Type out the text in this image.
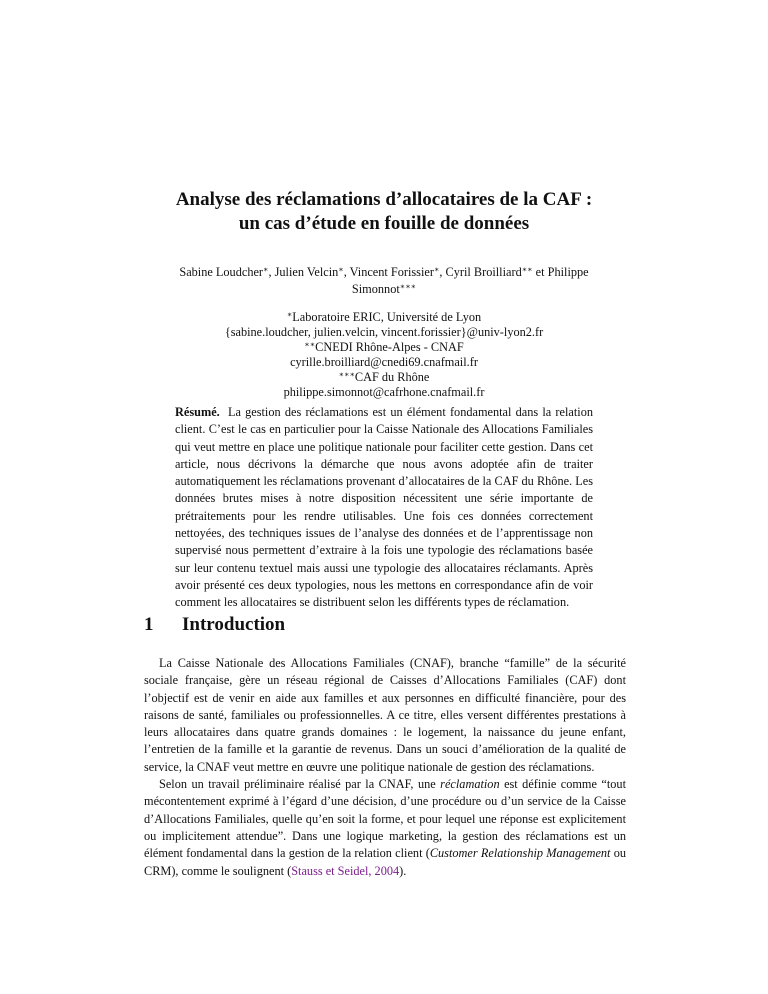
Analyse des réclamations d’allocataires de la CAF :
un cas d’étude en fouille de données
Sabine Loudcher∗, Julien Velcin∗, Vincent Forissier∗, Cyril Broilliard∗∗ et Philippe Simonnot∗∗∗
∗Laboratoire ERIC, Université de Lyon
{sabine.loudcher, julien.velcin, vincent.forissier}@univ-lyon2.fr
∗∗CNEDI Rhône-Alpes - CNAF
cyrille.broilliard@cnedi69.cnafmail.fr
∗∗∗CAF du Rhône
philippe.simonnot@cafrhone.cnafmail.fr
Résumé. La gestion des réclamations est un élément fondamental dans la relation client. C’est le cas en particulier pour la Caisse Nationale des Allocations Familiales qui veut mettre en place une politique nationale pour faciliter cette gestion. Dans cet article, nous décrivons la démarche que nous avons adoptée afin de traiter automatiquement les réclamations provenant d’allocataires de la CAF du Rhône. Les données brutes mises à notre disposition nécessitent une série importante de prétraitements pour les rendre utilisables. Une fois ces données correctement nettoyées, des techniques issues de l’analyse des données et de l’apprentissage non supervisé nous permettent d’extraire à la fois une typologie des réclamations basée sur leur contenu textuel mais aussi une typologie des allocataires réclamants. Après avoir présenté ces deux typologies, nous les mettons en correspondance afin de voir comment les allocataires se distribuent selon les différents types de réclamation.
1 Introduction

La Caisse Nationale des Allocations Familiales (CNAF), branche “famille” de la sécurité sociale française, gère un réseau régional de Caisses d’Allocations Familiales (CAF) dont l’objectif est de venir en aide aux familles et aux personnes en difficulté financière, pour des raisons de santé, familiales ou professionnelles. A ce titre, elles versent différentes prestations à leurs allocataires dans quatre grands domaines : le logement, la naissance du jeune enfant, l’entretien de la famille et la garantie de revenus. Dans un souci d’amélioration de la qualité de service, la CNAF veut mettre en œuvre une politique nationale de gestion des réclamations.

Selon un travail préliminaire réalisé par la CNAF, une réclamation est définie comme “tout mécontentement exprimé à l’égard d’une décision, d’une procédure ou d’un service de la Caisse d’Allocations Familiales, quelle qu’en soit la forme, et pour lequel une réponse est explicitement ou implicitement attendue”. Dans une logique marketing, la gestion des réclamations est un élément fondamental dans la gestion de la relation client (Customer Relationship Management ou CRM), comme le soulignent (Stauss et Seidel, 2004).
